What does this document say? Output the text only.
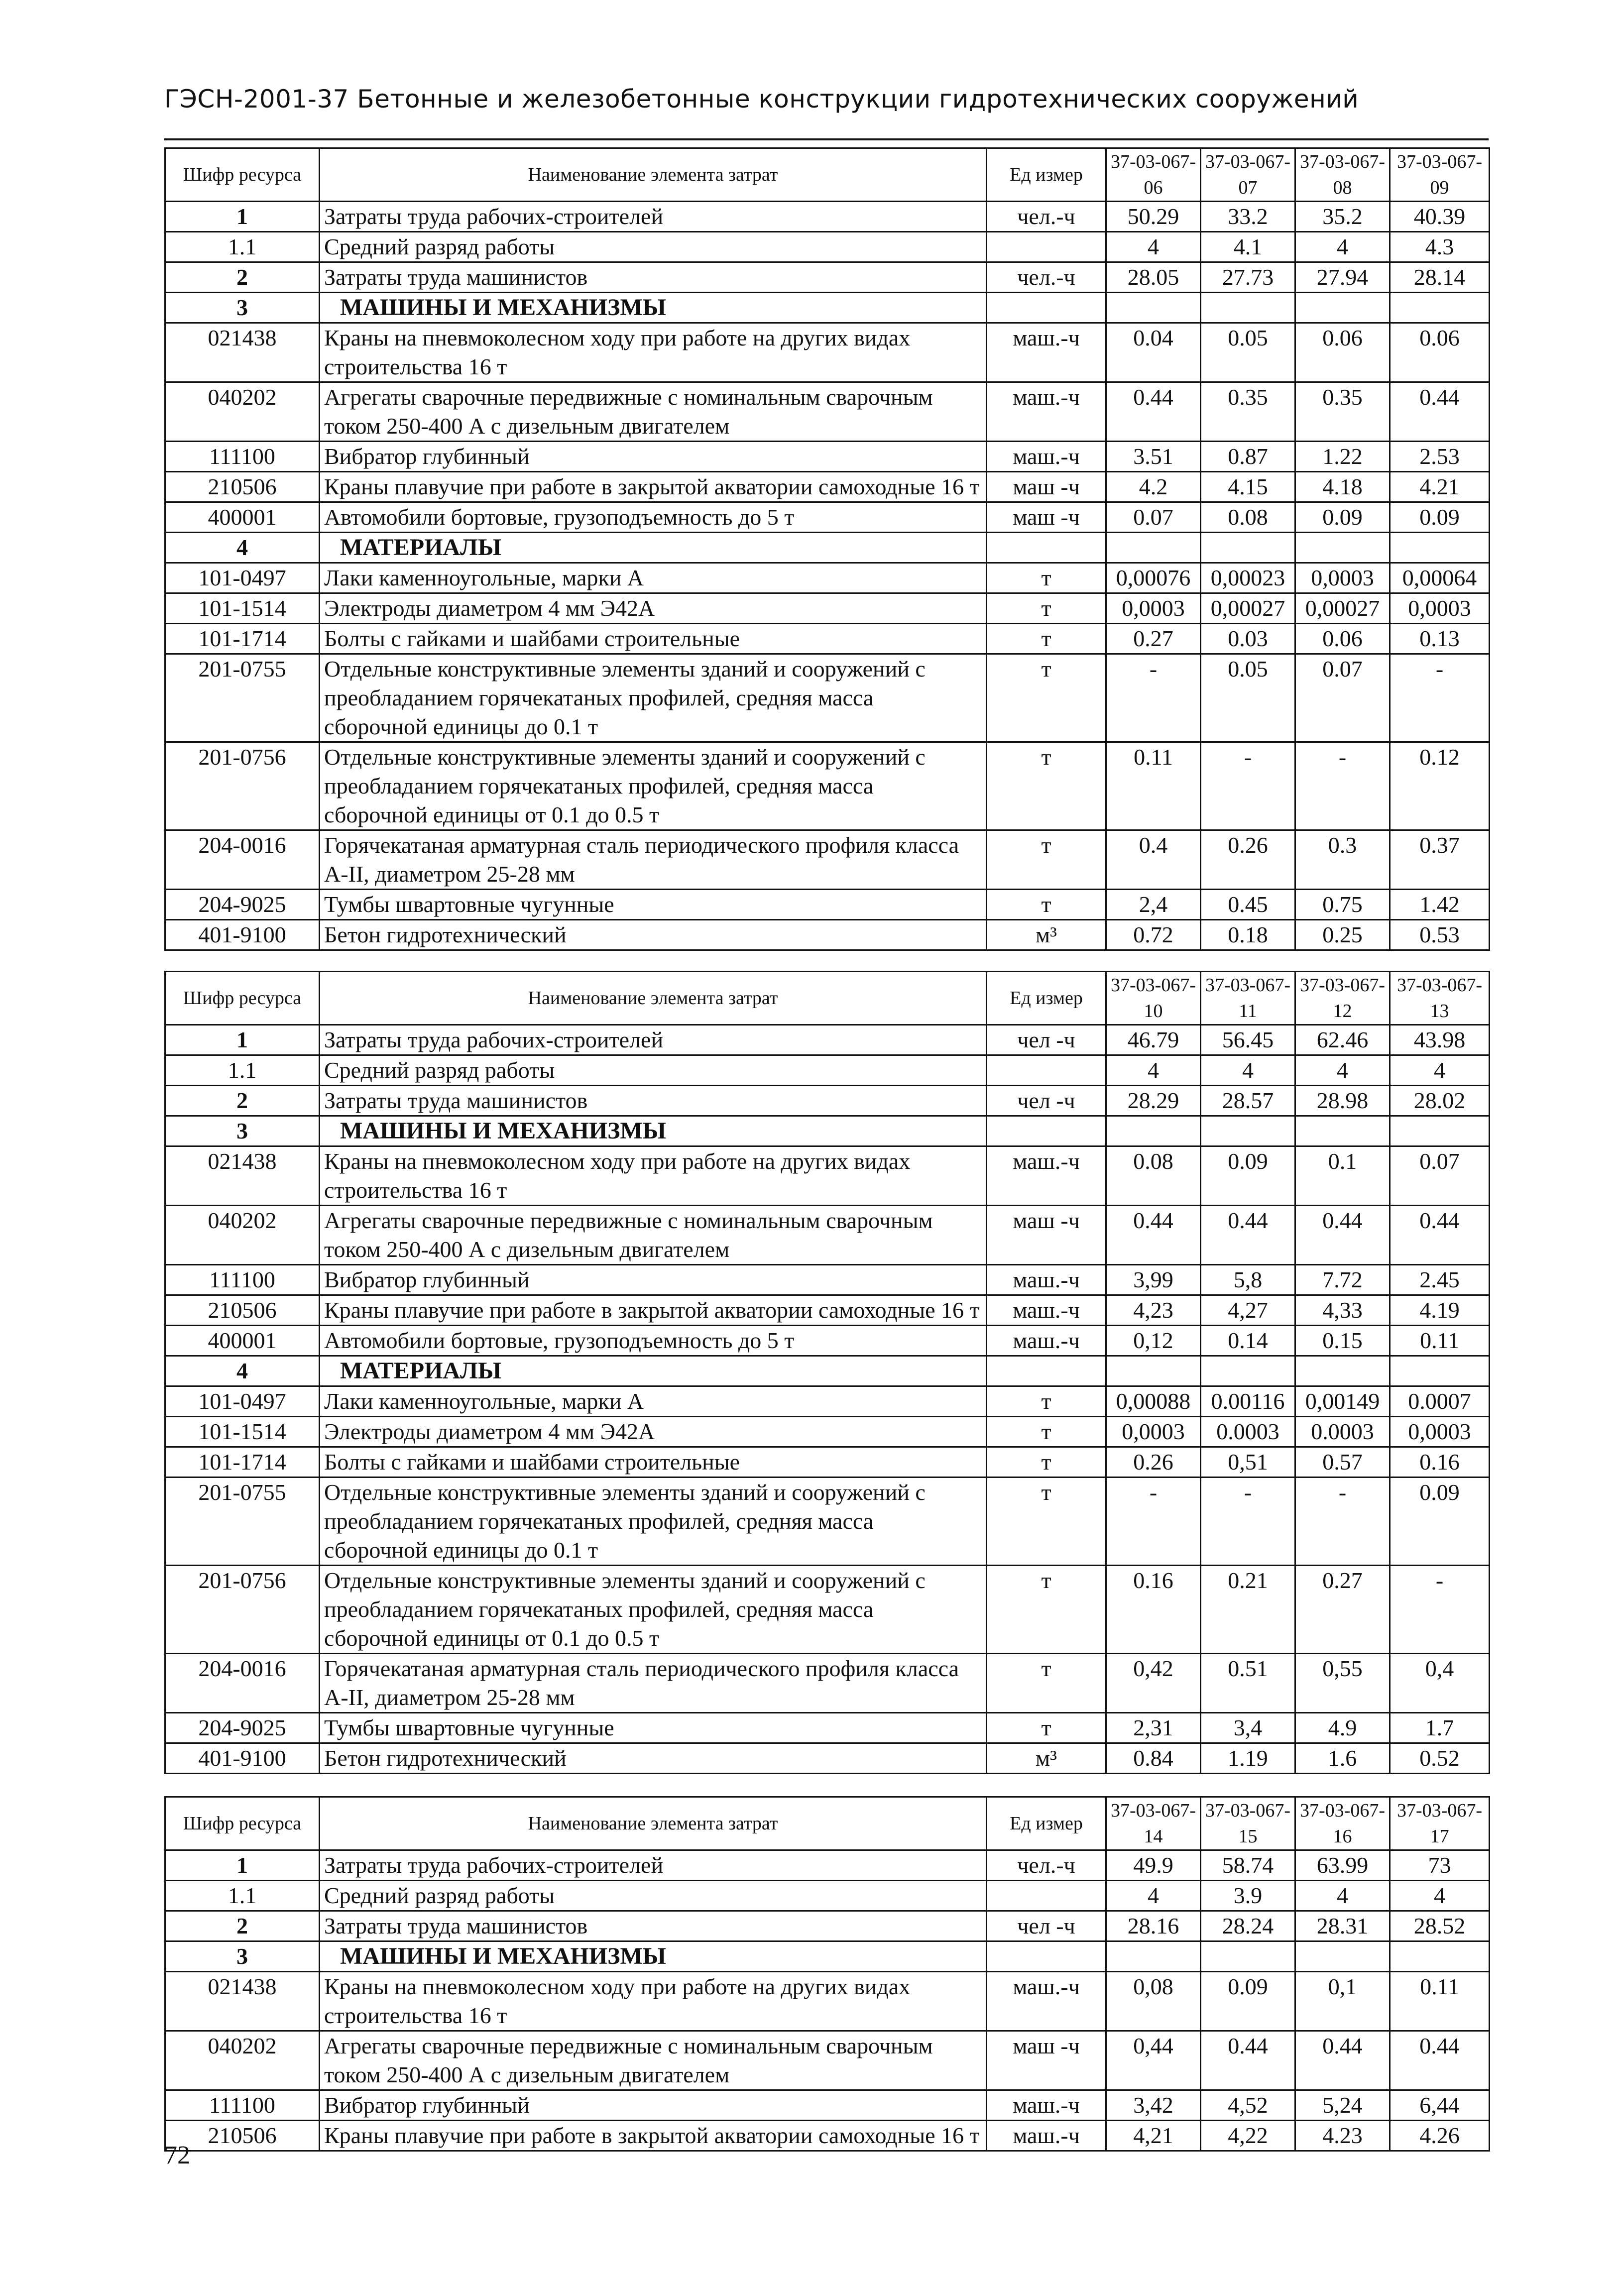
ГЭСН-2001-37 Бетонные и железобетонные конструкции гидротехнических сооружений
Шифр ресурса	Наименование элемента затрат	Ед измер	37-03-067-06	37-03-067-07	37-03-067-08	37-03-067-09
1	Затраты труда рабочих-строителей	чел.-ч	50.29	33.2	35.2	40.39
1.1	Средний разряд работы		4	4.1	4	4.3
2	Затраты труда машинистов	чел.-ч	28.05	27.73	27.94	28.14
3	МАШИНЫ И МЕХАНИЗМЫ					
021438	Краны на пневмоколесном ходу при работе на других видах строительства 16 т	маш.-ч	0.04	0.05	0.06	0.06
040202	Агрегаты сварочные передвижные с номинальным сварочным током 250-400 А с дизельным двигателем	маш.-ч	0.44	0.35	0.35	0.44
111100	Вибратор глубинный	маш.-ч	3.51	0.87	1.22	2.53
210506	Краны плавучие при работе в закрытой акватории самоходные 16 т	маш -ч	4.2	4.15	4.18	4.21
400001	Автомобили бортовые, грузоподъемность до 5 т	маш -ч	0.07	0.08	0.09	0.09
4	МАТЕРИАЛЫ					
101-0497	Лаки каменноугольные, марки А	т	0,00076	0,00023	0,0003	0,00064
101-1514	Электроды диаметром 4 мм Э42А	т	0,0003	0,00027	0,00027	0,0003
101-1714	Болты с гайками и шайбами строительные	т	0.27	0.03	0.06	0.13
201-0755	Отдельные конструктивные элементы зданий и сооружений с преобладанием горячекатаных профилей, средняя масса сборочной единицы до 0.1 т	т	-	0.05	0.07	-
201-0756	Отдельные конструктивные элементы зданий и сооружений с преобладанием горячекатаных профилей, средняя масса сборочной единицы от 0.1 до 0.5 т	т	0.11	-	-	0.12
204-0016	Горячекатаная арматурная сталь периодического профиля класса А-II, диаметром 25-28 мм	т	0.4	0.26	0.3	0.37
204-9025	Тумбы швартовные чугунные	т	2,4	0.45	0.75	1.42
401-9100	Бетон гидротехнический	м³	0.72	0.18	0.25	0.53
Шифр ресурса	Наименование элемента затрат	Ед измер	37-03-067-10	37-03-067-11	37-03-067-12	37-03-067-13
1	Затраты труда рабочих-строителей	чел -ч	46.79	56.45	62.46	43.98
1.1	Средний разряд работы		4	4	4	4
2	Затраты труда машинистов	чел -ч	28.29	28.57	28.98	28.02
3	МАШИНЫ И МЕХАНИЗМЫ					
021438	Краны на пневмоколесном ходу при работе на других видах строительства 16 т	маш.-ч	0.08	0.09	0.1	0.07
040202	Агрегаты сварочные передвижные с номинальным сварочным током 250-400 А с дизельным двигателем	маш -ч	0.44	0.44	0.44	0.44
111100	Вибратор глубинный	маш.-ч	3,99	5,8	7.72	2.45
210506	Краны плавучие при работе в закрытой акватории самоходные 16 т	маш.-ч	4,23	4,27	4,33	4.19
400001	Автомобили бортовые, грузоподъемность до 5 т	маш.-ч	0,12	0.14	0.15	0.11
4	МАТЕРИАЛЫ					
101-0497	Лаки каменноугольные, марки А	т	0,00088	0.00116	0,00149	0.0007
101-1514	Электроды диаметром 4 мм Э42А	т	0,0003	0.0003	0.0003	0,0003
101-1714	Болты с гайками и шайбами строительные	т	0.26	0,51	0.57	0.16
201-0755	Отдельные конструктивные элементы зданий и сооружений с преобладанием горячекатаных профилей, средняя масса сборочной единицы до 0.1 т	т	-	-	-	0.09
201-0756	Отдельные конструктивные элементы зданий и сооружений с преобладанием горячекатаных профилей, средняя масса сборочной единицы от 0.1 до 0.5 т	т	0.16	0.21	0.27	-
204-0016	Горячекатаная арматурная сталь периодического профиля класса А-II, диаметром 25-28 мм	т	0,42	0.51	0,55	0,4
204-9025	Тумбы швартовные чугунные	т	2,31	3,4	4.9	1.7
401-9100	Бетон гидротехнический	м³	0.84	1.19	1.6	0.52
Шифр ресурса	Наименование элемента затрат	Ед измер	37-03-067-14	37-03-067-15	37-03-067-16	37-03-067-17
1	Затраты труда рабочих-строителей	чел.-ч	49.9	58.74	63.99	73
1.1	Средний разряд работы		4	3.9	4	4
2	Затраты труда машинистов	чел -ч	28.16	28.24	28.31	28.52
3	МАШИНЫ И МЕХАНИЗМЫ					
021438	Краны на пневмоколесном ходу при работе на других видах строительства 16 т	маш.-ч	0,08	0.09	0,1	0.11
040202	Агрегаты сварочные передвижные с номинальным сварочным током 250-400 А с дизельным двигателем	маш -ч	0,44	0.44	0.44	0.44
111100	Вибратор глубинный	маш.-ч	3,42	4,52	5,24	6,44
210506	Краны плавучие при работе в закрытой акватории самоходные 16 т	маш.-ч	4,21	4,22	4.23	4.26
72
